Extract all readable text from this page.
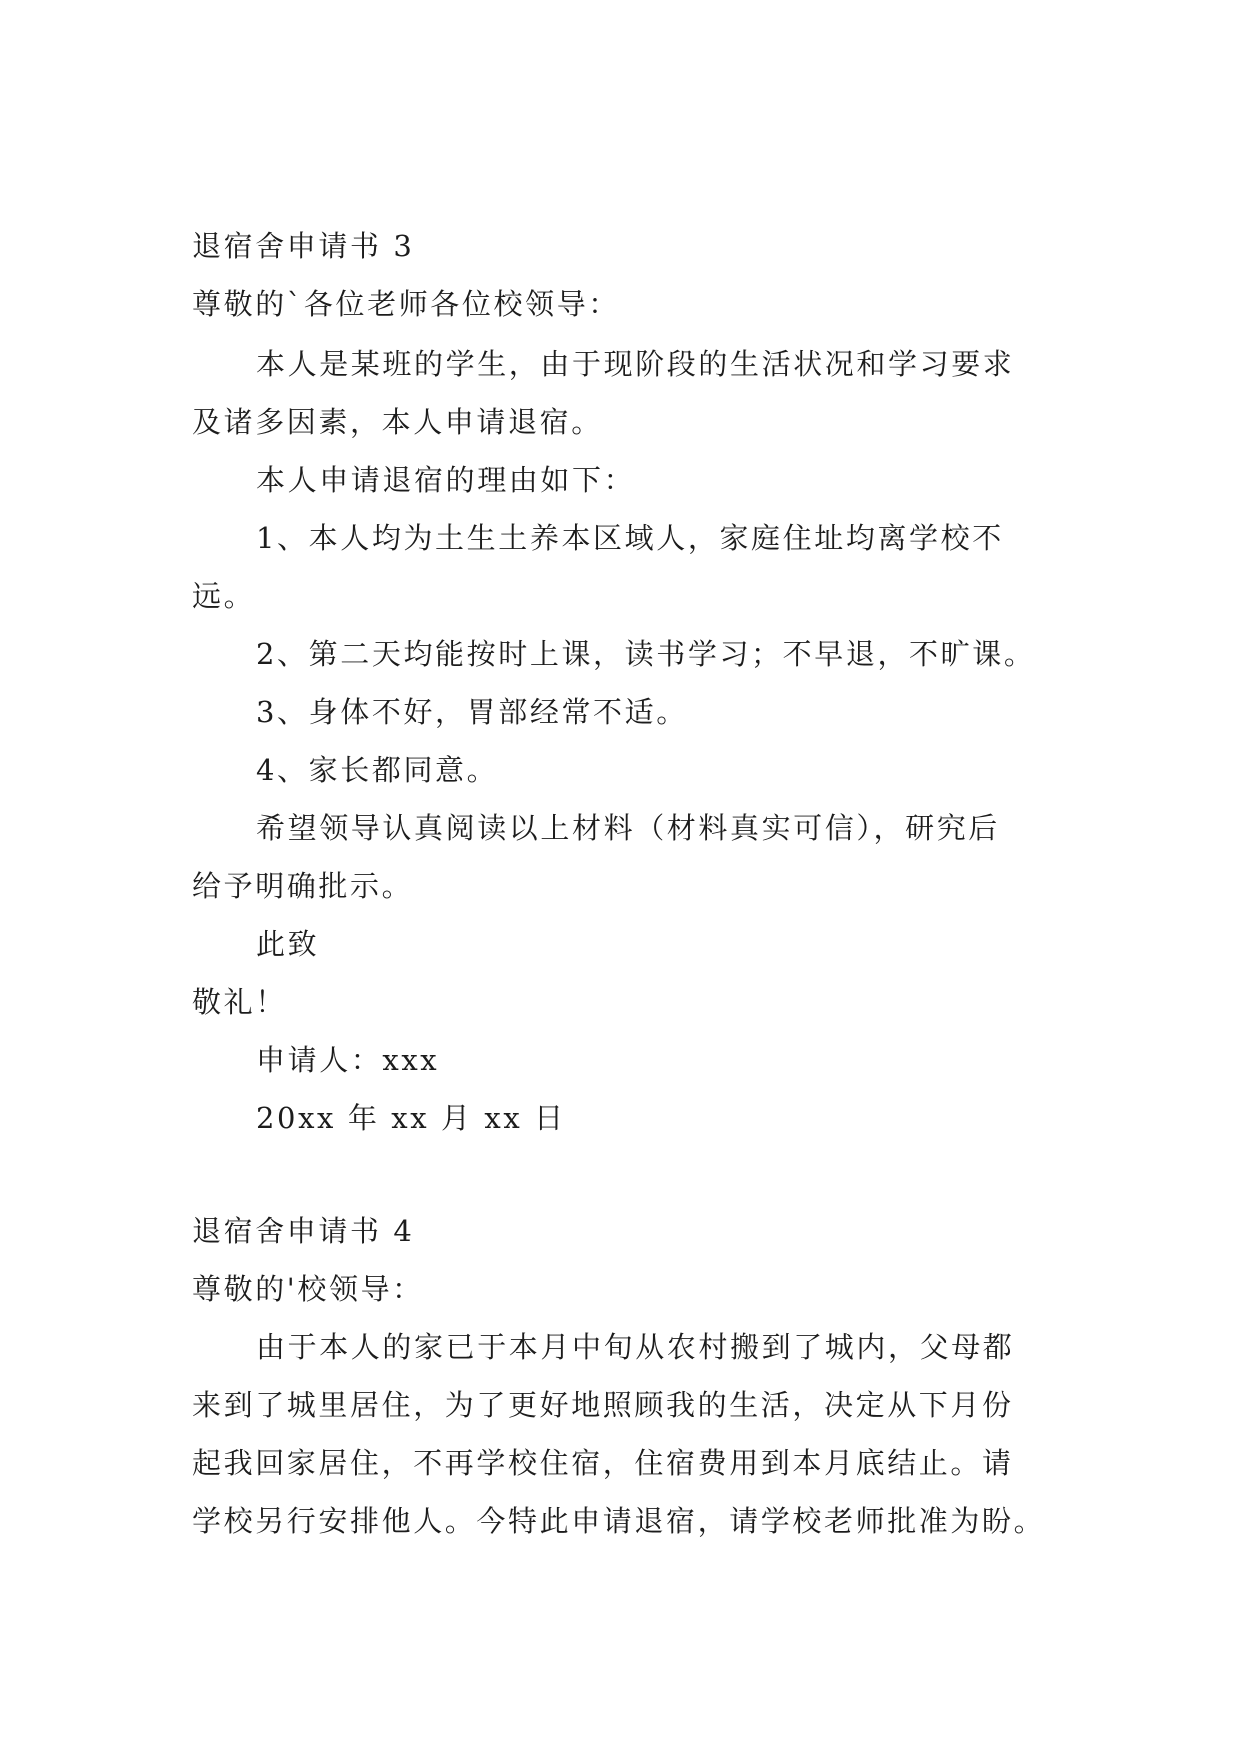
退宿舍申请书 3
尊敬的`各位老师各位校领导：
本人是某班的学生，由于现阶段的生活状况和学习要求
及诸多因素，本人申请退宿。
本人申请退宿的理由如下：
1、本人均为土生土养本区域人，家庭住址均离学校不
远。
2、第二天均能按时上课，读书学习；不早退，不旷课。
3、身体不好，胃部经常不适。
4、家长都同意。
希望领导认真阅读以上材料（材料真实可信），研究后
给予明确批示。
此致
敬礼！
申请人：xxx
20xx 年 xx 月 xx 日
退宿舍申请书 4
尊敬的'校领导：
由于本人的家已于本月中旬从农村搬到了城内，父母都
来到了城里居住，为了更好地照顾我的生活，决定从下月份
起我回家居住，不再学校住宿，住宿费用到本月底结止。请
学校另行安排他人。今特此申请退宿，请学校老师批准为盼。
